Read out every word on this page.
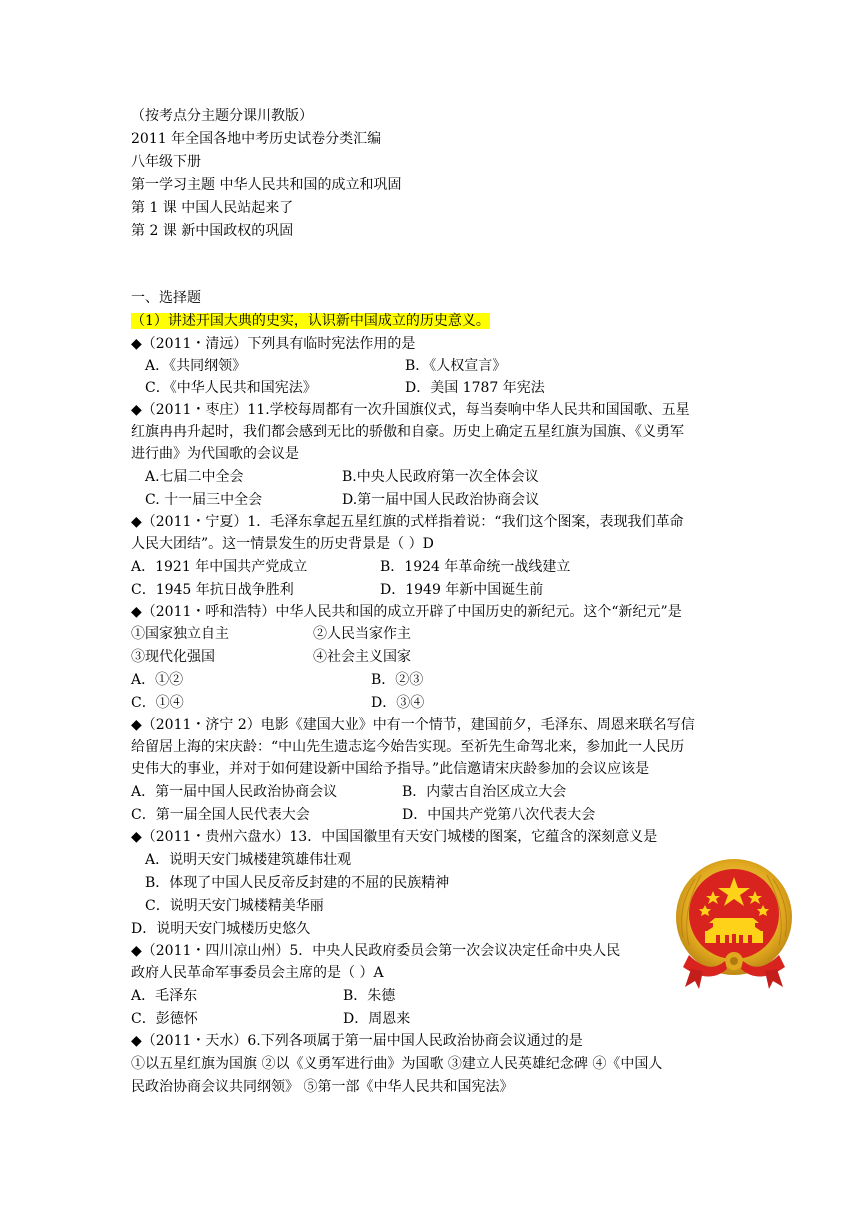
（按考点分主题分课川教版）
2011 年全国各地中考历史试卷分类汇编
八年级下册
第一学习主题 中华人民共和国的成立和巩固
第 1 课 中国人民站起来了
第 2 课 新中国政权的巩固
一、选择题
（1）讲述开国大典的史实，认识新中国成立的历史意义。
◆（2011・清远）下列具有临时宪法作用的是
A．《共同纲领》	B．《人权宣言》
C．《中华人民共和国宪法》	D．美国 1787 年宪法
◆（2011・枣庄）11.学校每周都有一次升国旗仪式，每当奏响中华人民共和国国歌、五星
红旗冉冉升起时，我们都会感到无比的骄傲和自豪。历史上确定五星红旗为国旗、《义勇军
进行曲》为代国歌的会议是
A.七届二中全会	B.中央人民政府第一次全体会议
C. 十一届三中全会	D.第一届中国人民政治协商会议
◆（2011・宁夏）1．毛泽东拿起五星红旗的式样指着说：“我们这个图案，表现我们革命
人民大团结”。这一情景发生的历史背景是（ ）D
A．1921 年中国共产党成立	B．1924 年革命统一战线建立
C．1945 年抗日战争胜利	D．1949 年新中国诞生前
◆（2011・呼和浩特）中华人民共和国的成立开辟了中国历史的新纪元。这个“新纪元”是
①国家独立自主	②人民当家作主
③现代化强国	④社会主义国家
A．①②	B．②③
C．①④	D．③④
◆（2011・济宁 2）电影《建国大业》中有一个情节，建国前夕，毛泽东、周恩来联名写信
给留居上海的宋庆龄：“中山先生遗志迄今始告实现。至祈先生命驾北来，参加此一人民历
史伟大的事业，并对于如何建设新中国给予指导。”此信邀请宋庆龄参加的会议应该是
A．第一届中国人民政治协商会议	B．内蒙古自治区成立大会
C．第一届全国人民代表大会	D．中国共产党第八次代表大会
◆（2011・贵州六盘水）13．中国国徽里有天安门城楼的图案，它蕴含的深刻意义是
A．说明天安门城楼建筑雄伟壮观
B．体现了中国人民反帝反封建的不屈的民族精神
C．说明天安门城楼精美华丽
D．说明天安门城楼历史悠久
◆（2011・四川凉山州）5．中央人民政府委员会第一次会议决定任命中央人民
政府人民革命军事委员会主席的是（ ）A
A．毛泽东	B．朱德
C．彭德怀	D．周恩来
◆（2011・天水）6.下列各项属于第一届中国人民政治协商会议通过的是
①以五星红旗为国旗 ②以《义勇军进行曲》为国歌 ③建立人民英雄纪念碑 ④《中国人
民政治协商会议共同纲领》 ⑤第一部《中华人民共和国宪法》
